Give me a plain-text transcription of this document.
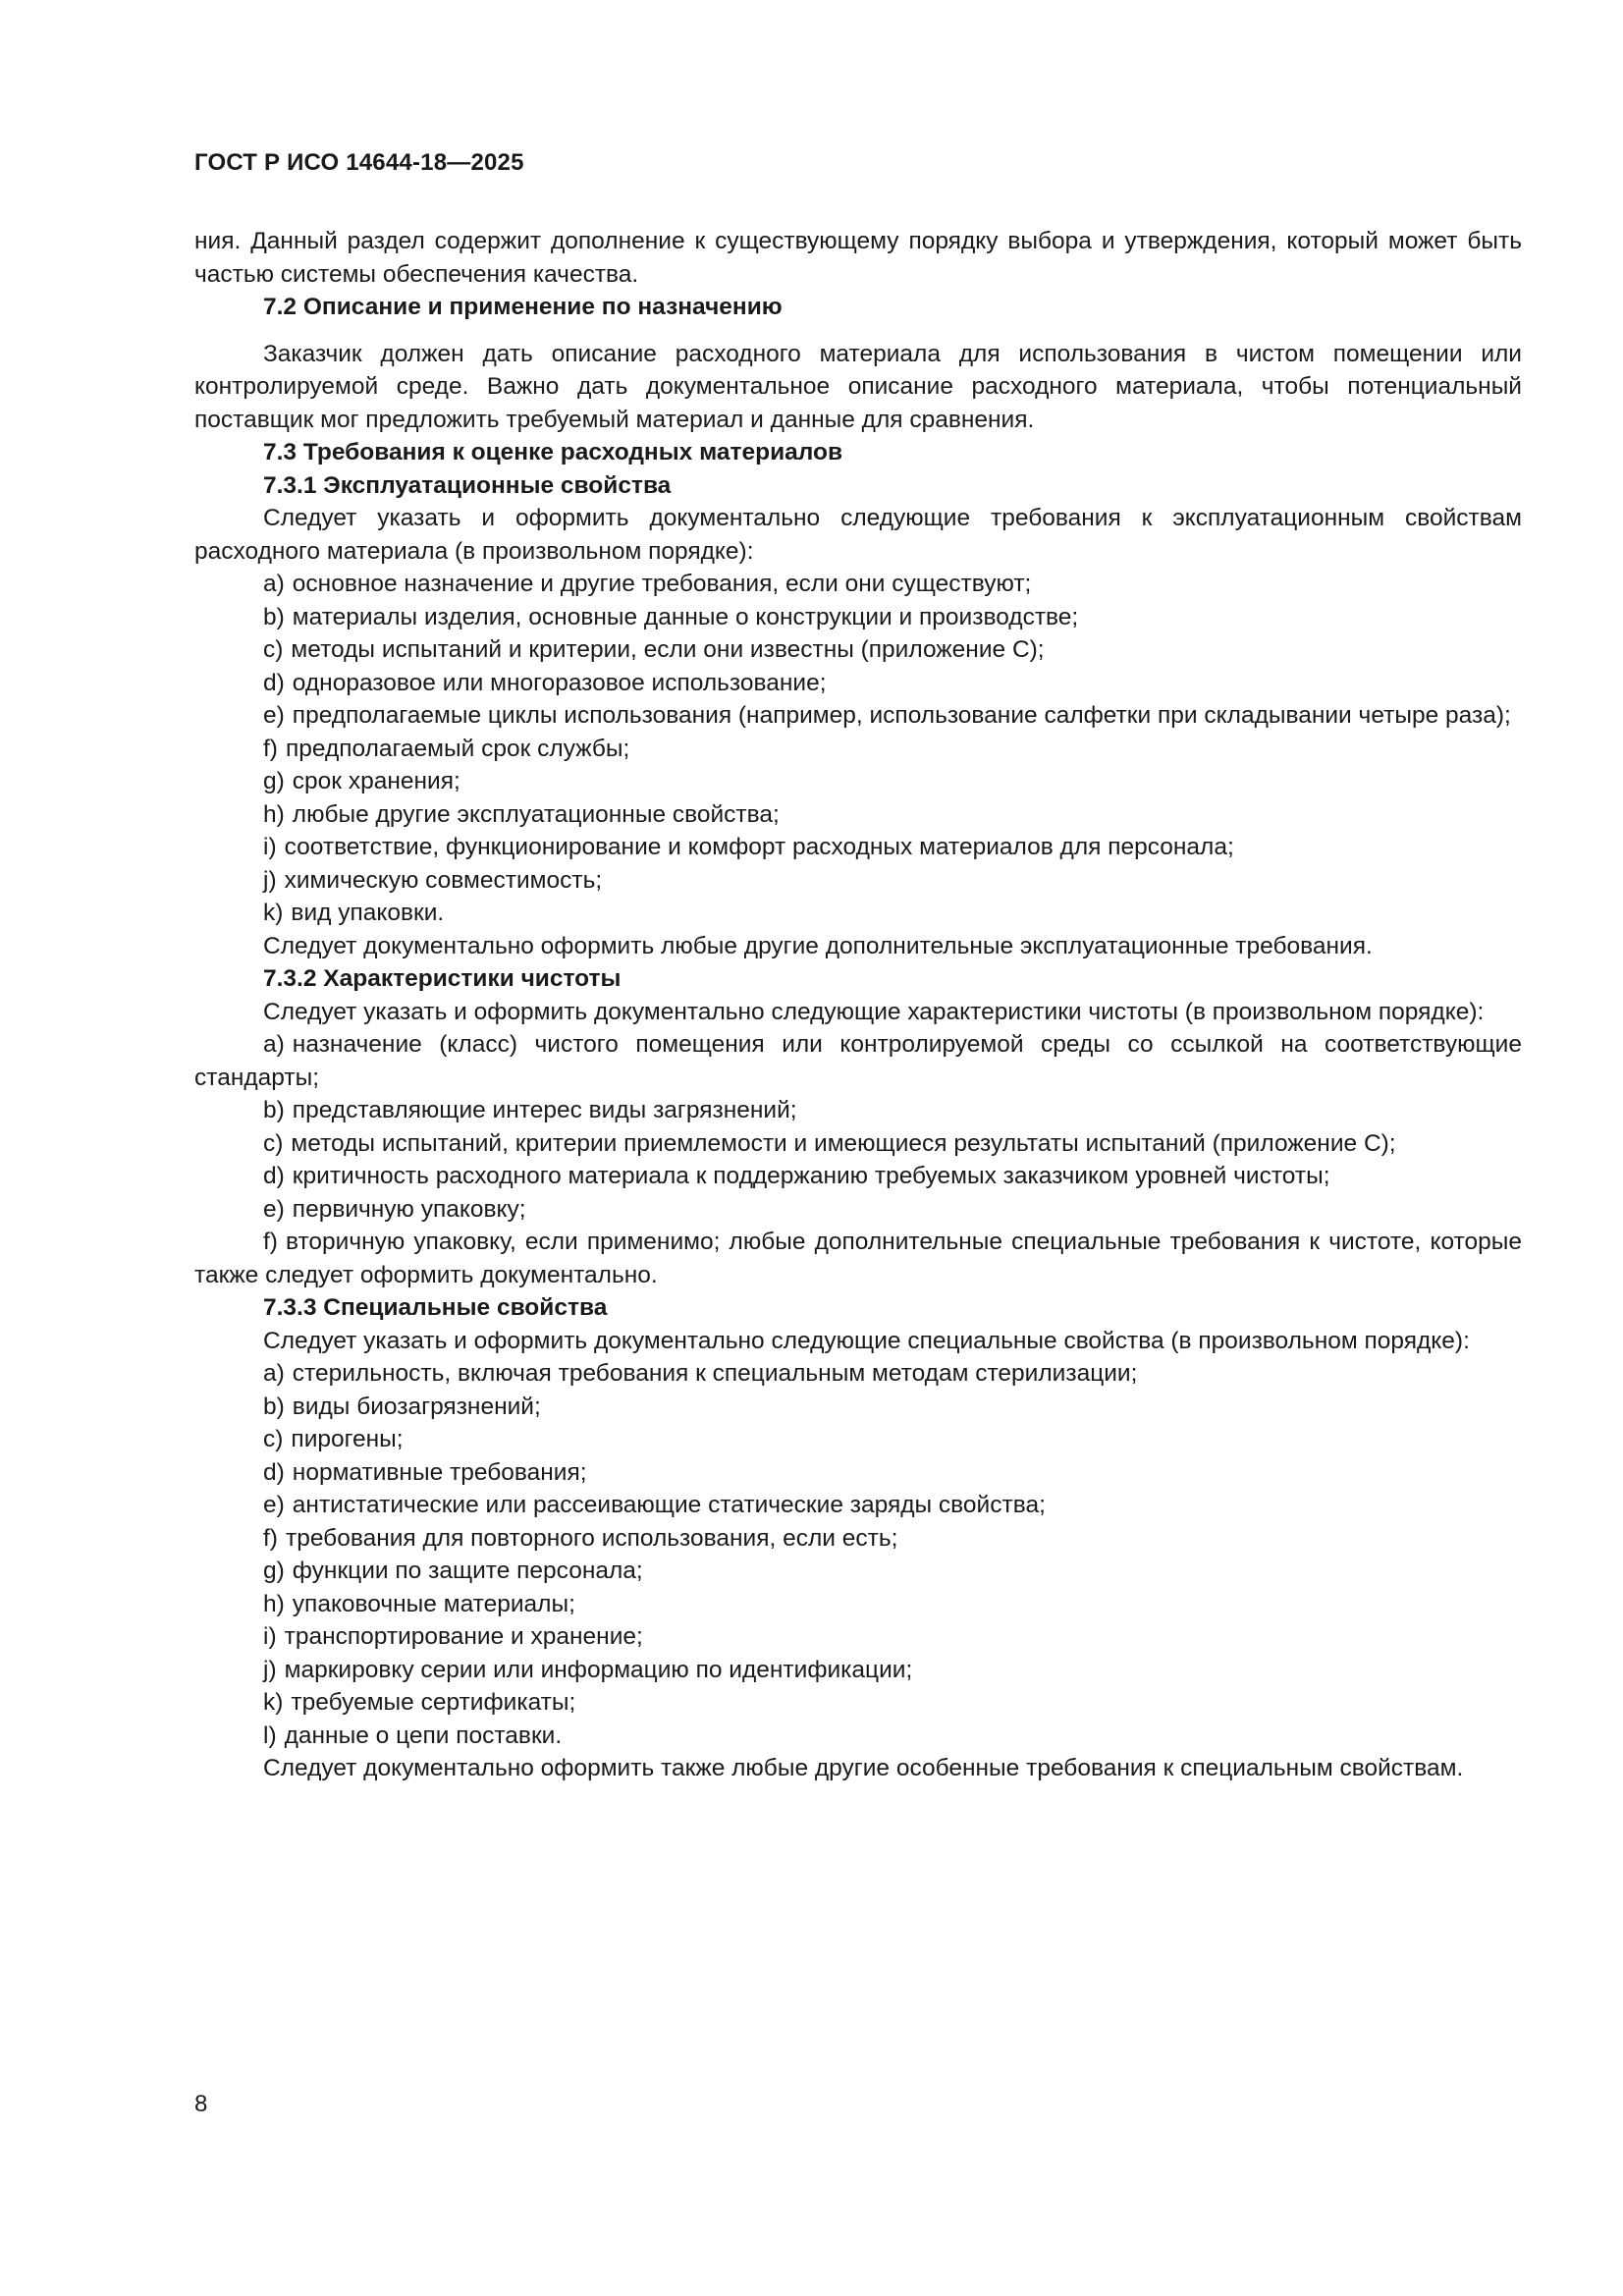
ГОСТ Р ИСО 14644-18—2025

ния. Данный раздел содержит дополнение к существующему порядку выбора и утверждения, который может быть частью системы обеспечения качества.

7.2 Описание и применение по назначению

Заказчик должен дать описание расходного материала для использования в чистом помещении или контролируемой среде. Важно дать документальное описание расходного материала, чтобы потенциальный поставщик мог предложить требуемый материал и данные для сравнения.

7.3 Требования к оценке расходных материалов

7.3.1 Эксплуатационные свойства

Следует указать и оформить документально следующие требования к эксплуатационным свойствам расходного материала (в произвольном порядке):

a) основное назначение и другие требования, если они существуют;

b) материалы изделия, основные данные о конструкции и производстве;

c) методы испытаний и критерии, если они известны (приложение С);

d) одноразовое или многоразовое использование;

e) предполагаемые циклы использования (например, использование салфетки при складывании четыре раза);

f) предполагаемый срок службы;

g) срок хранения;

h) любые другие эксплуатационные свойства;

i) соответствие, функционирование и комфорт расходных материалов для персонала;

j) химическую совместимость;

k) вид упаковки.

Следует документально оформить любые другие дополнительные эксплуатационные требования.

7.3.2 Характеристики чистоты

Следует указать и оформить документально следующие характеристики чистоты (в произвольном порядке):

a) назначение (класс) чистого помещения или контролируемой среды со ссылкой на соответствующие стандарты;

b) представляющие интерес виды загрязнений;

c) методы испытаний, критерии приемлемости и имеющиеся результаты испытаний (приложение С);

d) критичность расходного материала к поддержанию требуемых заказчиком уровней чистоты;

e) первичную упаковку;

f) вторичную упаковку, если применимо; любые дополнительные специальные требования к чистоте, которые также следует оформить документально.

7.3.3 Специальные свойства

Следует указать и оформить документально следующие специальные свойства (в произвольном порядке):

a) стерильность, включая требования к специальным методам стерилизации;

b) виды биозагрязнений;

c) пирогены;

d) нормативные требования;

e) антистатические или рассеивающие статические заряды свойства;

f) требования для повторного использования, если есть;

g) функции по защите персонала;

h) упаковочные материалы;

i) транспортирование и хранение;

j) маркировку серии или информацию по идентификации;

k) требуемые сертификаты;

l) данные о цепи поставки.

Следует документально оформить также любые другие особенные требования к специальным свойствам.

8
